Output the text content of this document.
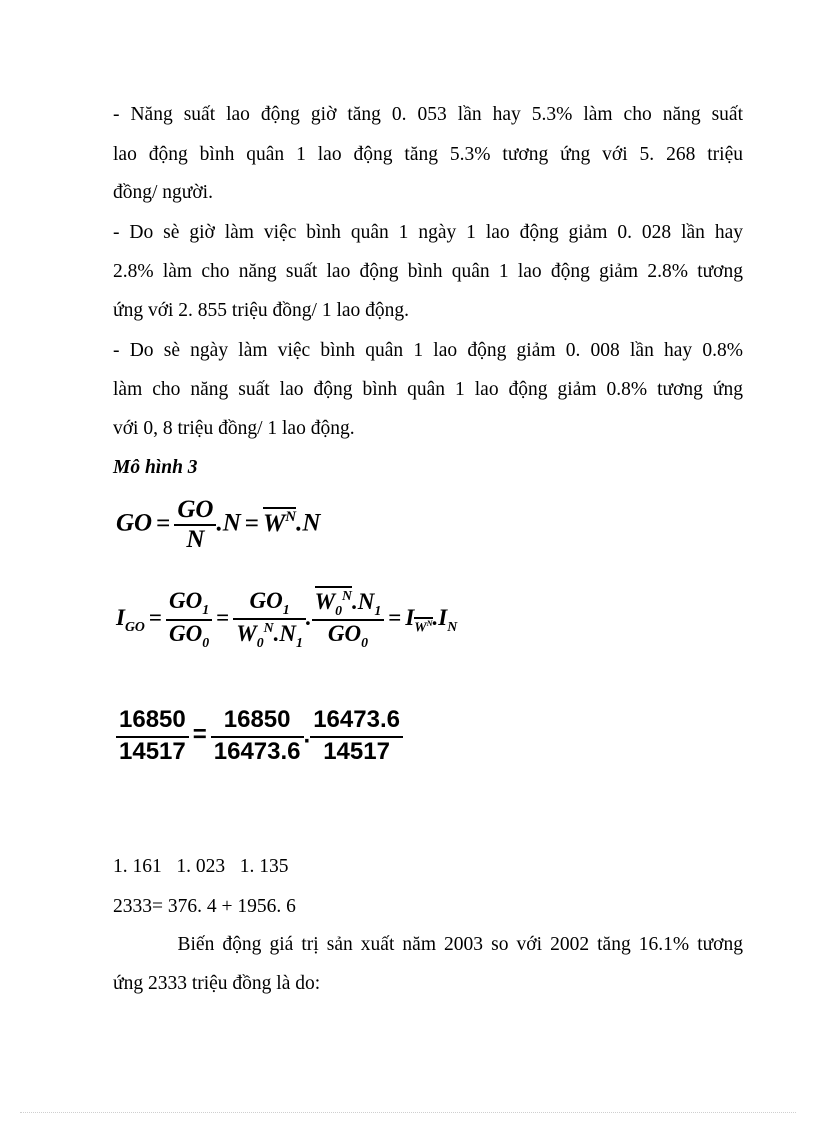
- Năng suất lao động giờ tăng 0. 053 lần hay 5.3% làm cho năng suất
lao động bình quân 1 lao động tăng 5.3% tương ứng với 5. 268 triệu
đồng/ người.
- Do sè giờ làm việc bình quân 1 ngày 1 lao động giảm 0. 028 lần hay
2.8% làm cho năng suất lao động bình quân 1 lao động giảm 2.8% tương
ứng với 2. 855 triệu đồng/ 1 lao động.
- Do sè ngày làm việc bình quân 1 lao động giảm 0. 008 lần hay 0.8%
làm cho năng suất lao động bình quân 1 lao động giảm 0.8% tương ứng
với 0, 8 triệu đồng/ 1 lao động.
Mô hình 3
GO = $\frac{GO}{N} .N = W^N.N$
$I_{GO} = \frac{GO_1}{GO_0} = \frac{GO_1}{W_0^N.N_1}$ . $\frac{W_0^N.N_1}{GO_0} = I_{W^N}.I_N$
$\frac{16850}{14517} = \frac{16850}{16473.6}$ . $\frac{16473.6}{14517}$
1. 161   1. 023   1. 135
2333= 376. 4 + 1956. 6
Biến động giá trị sản xuất năm 2003 so với 2002 tăng 16.1% tương
ứng 2333 triệu đồng là do:
